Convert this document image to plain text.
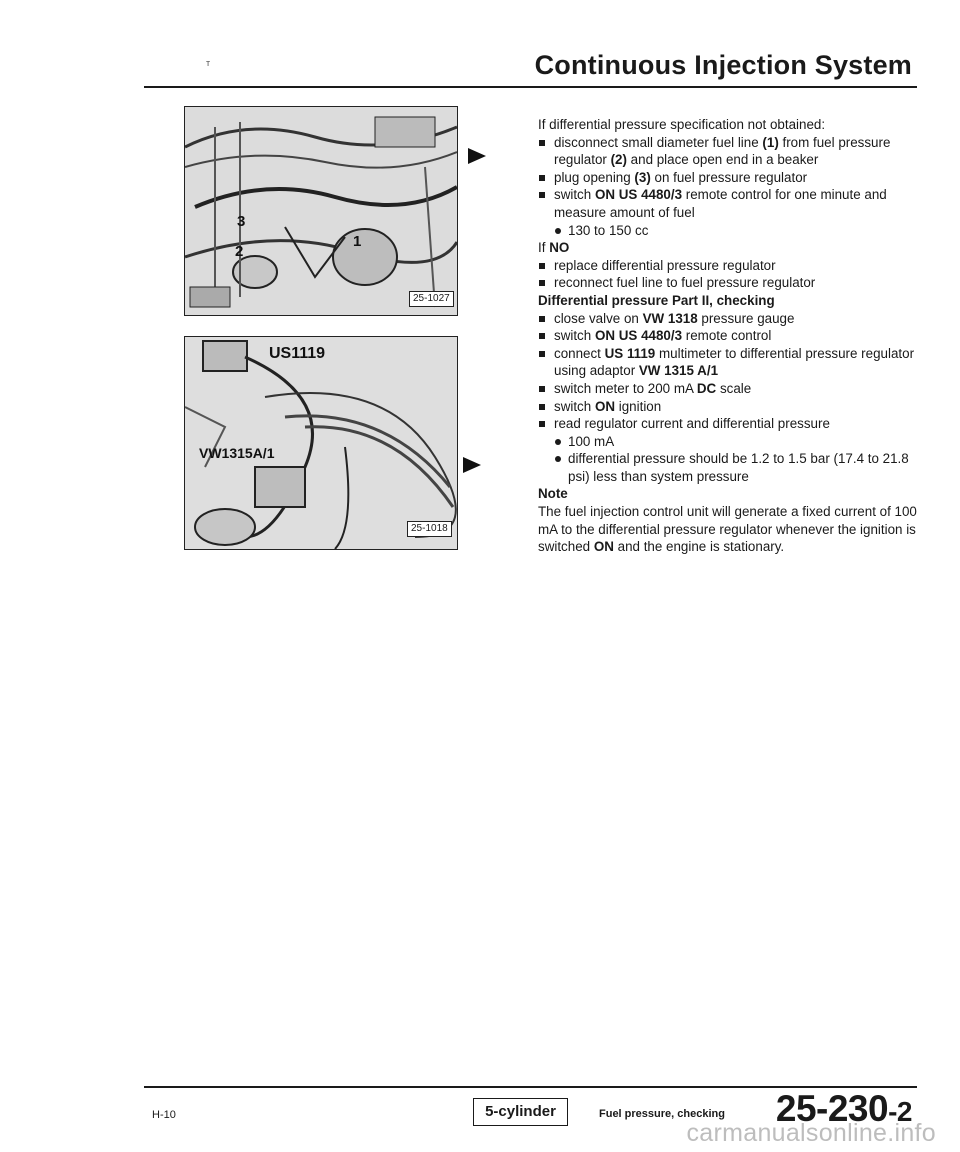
т	Continuous Injection System
3
2
1
25-1027
US1119
VW1315A/1
25-1018

If differential pressure specification not obtained:

disconnect small diameter fuel line (1) from fuel pressure regulator (2) and place open end in a beaker
plug opening (3) on fuel pressure regulator
switch ON US 4480/3 remote control for one minute and measure amount of fuel
130 to 150 cc

If NO

replace differential pressure regulator
reconnect fuel line to fuel pressure regulator

Differential pressure Part II, checking

close valve on VW 1318 pressure gauge
switch ON US 4480/3 remote control
connect US 1119 multimeter to differential pressure regulator using adaptor VW 1315 A/1
switch meter to 200 mA DC scale
switch ON ignition
read regulator current and differential pressure
100 mA
differential pressure should be 1.2 to 1.5 bar (17.4 to 21.8 psi) less than system pressure

Note

The fuel injection control unit will generate a fixed current of 100 mA to the differential pressure regulator whenever the ignition is switched ON and the engine is stationary.

H-10	5-cylinder	Fuel pressure, checking 25-230-2
carmanualsonline.info
